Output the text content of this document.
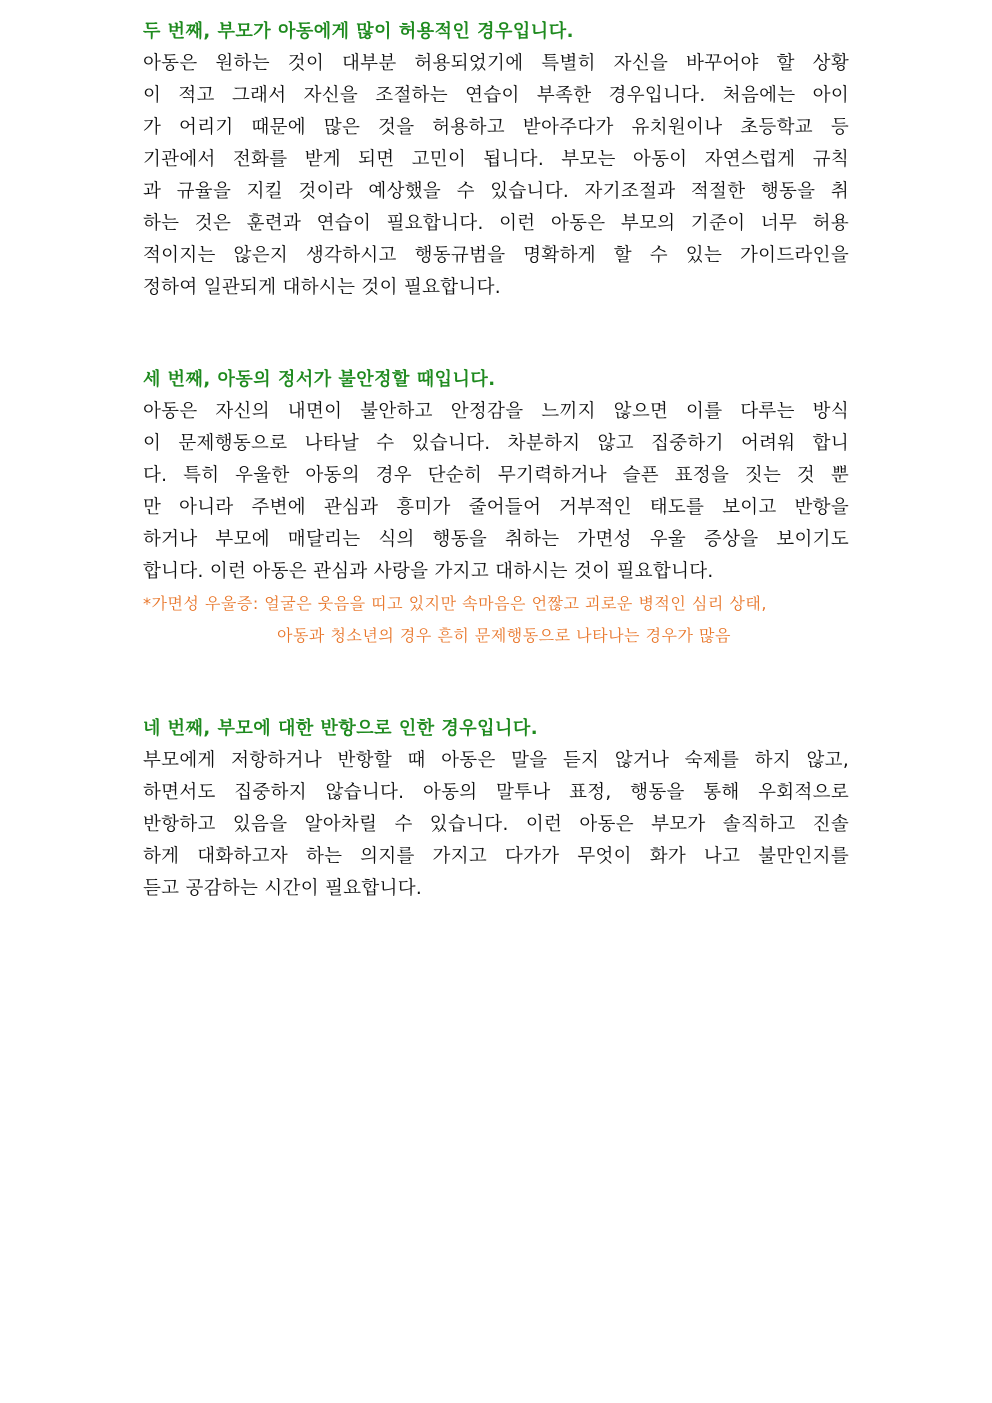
두 번째, 부모가 아동에게 많이 허용적인 경우입니다.
아동은 원하는 것이 대부분 허용되었기에 특별히 자신을 바꾸어야 할 상황
이 적고 그래서 자신을 조절하는 연습이 부족한 경우입니다. 처음에는 아이
가 어리기 때문에 많은 것을 허용하고 받아주다가 유치원이나 초등학교 등
기관에서 전화를 받게 되면 고민이 됩니다. 부모는 아동이 자연스럽게 규칙
과 규율을 지킬 것이라 예상했을 수 있습니다. 자기조절과 적절한 행동을 취
하는 것은 훈련과 연습이 필요합니다. 이런 아동은 부모의 기준이 너무 허용
적이지는 않은지 생각하시고 행동규범을 명확하게 할 수 있는 가이드라인을
정하여 일관되게 대하시는 것이 필요합니다.
세 번째, 아동의 정서가 불안정할 때입니다.
아동은 자신의 내면이 불안하고 안정감을 느끼지 않으면 이를 다루는 방식
이 문제행동으로 나타날 수 있습니다. 차분하지 않고 집중하기 어려워 합니
다. 특히 우울한 아동의 경우 단순히 무기력하거나 슬픈 표정을 짓는 것 뿐
만 아니라 주변에 관심과 흥미가 줄어들어 거부적인 태도를 보이고 반항을
하거나 부모에 매달리는 식의 행동을 취하는 가면성 우울 증상을 보이기도
합니다. 이런 아동은 관심과 사랑을 가지고 대하시는 것이 필요합니다.
*가면성 우울증: 얼굴은 웃음을 띠고 있지만 속마음은 언짢고 괴로운 병적인 심리 상태,
아동과 청소년의 경우 흔히 문제행동으로 나타나는 경우가 많음
네 번째, 부모에 대한 반항으로 인한 경우입니다.
부모에게 저항하거나 반항할 때 아동은 말을 듣지 않거나 숙제를 하지 않고,
하면서도 집중하지 않습니다. 아동의 말투나 표정, 행동을 통해 우회적으로
반항하고 있음을 알아차릴 수 있습니다. 이런 아동은 부모가 솔직하고 진솔
하게 대화하고자 하는 의지를 가지고 다가가 무엇이 화가 나고 불만인지를
듣고 공감하는 시간이 필요합니다.
